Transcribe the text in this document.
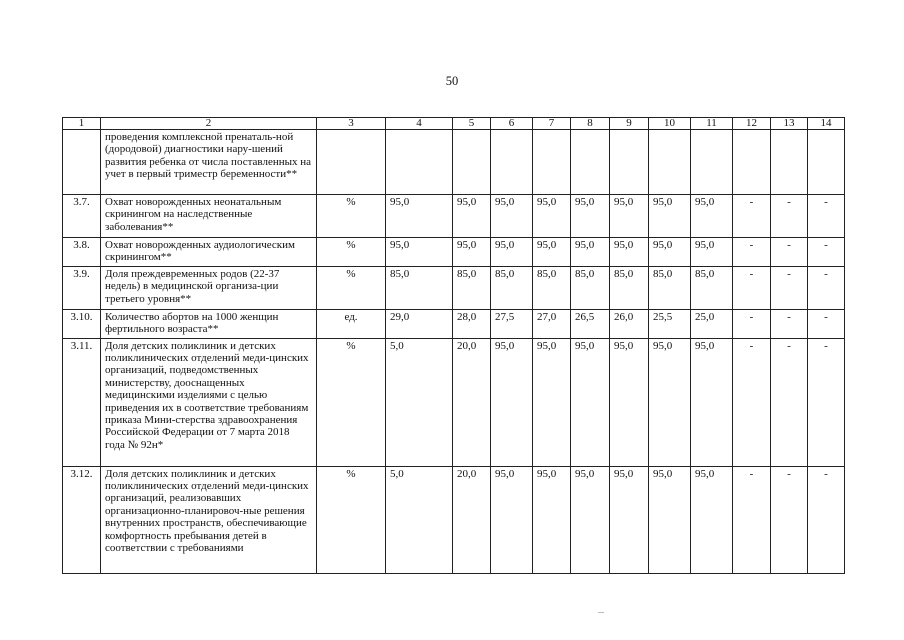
50
1	2	3	4	5	6	7	8	9	10	11	12	13	14
	проведения комплексной пренаталь-ной (дородовой) диагностики нару-шений развития ребенка от числа поставленных на учет в первый триместр беременности**												
3.7.	Охват новорожденных неонатальным скринингом на наследственные заболевания**	%	95,0	95,0	95,0	95,0	95,0	95,0	95,0	95,0	-	-	-
3.8.	Охват новорожденных аудиологическим скринингом**	%	95,0	95,0	95,0	95,0	95,0	95,0	95,0	95,0	-	-	-
3.9.	Доля преждевременных родов (22-37 недель) в медицинской организа-ции третьего уровня**	%	85,0	85,0	85,0	85,0	85,0	85,0	85,0	85,0	-	-	-
3.10.	Количество абортов на 1000 женщин фертильного возраста**	ед.	29,0	28,0	27,5	27,0	26,5	26,0	25,5	25,0	-	-	-
3.11.	Доля детских поликлиник и детских поликлинических отделений меди-цинских организаций, подведомственных министерству, дооснащенных медицинскими изделиями с целью приведения их в соответствие требованиям приказа Мини-стерства здравоохранения Российской Федерации от 7 марта 2018 года № 92н*	%	5,0	20,0	95,0	95,0	95,0	95,0	95,0	95,0	-	-	-
3.12.	Доля детских поликлиник и детских поликлинических отделений меди-цинских организаций, реализовавших организационно-планировоч-ные решения внутренних пространств, обеспечивающие комфортность пребывания детей в соответствии с требованиями	%	5,0	20,0	95,0	95,0	95,0	95,0	95,0	95,0	-	-	-
